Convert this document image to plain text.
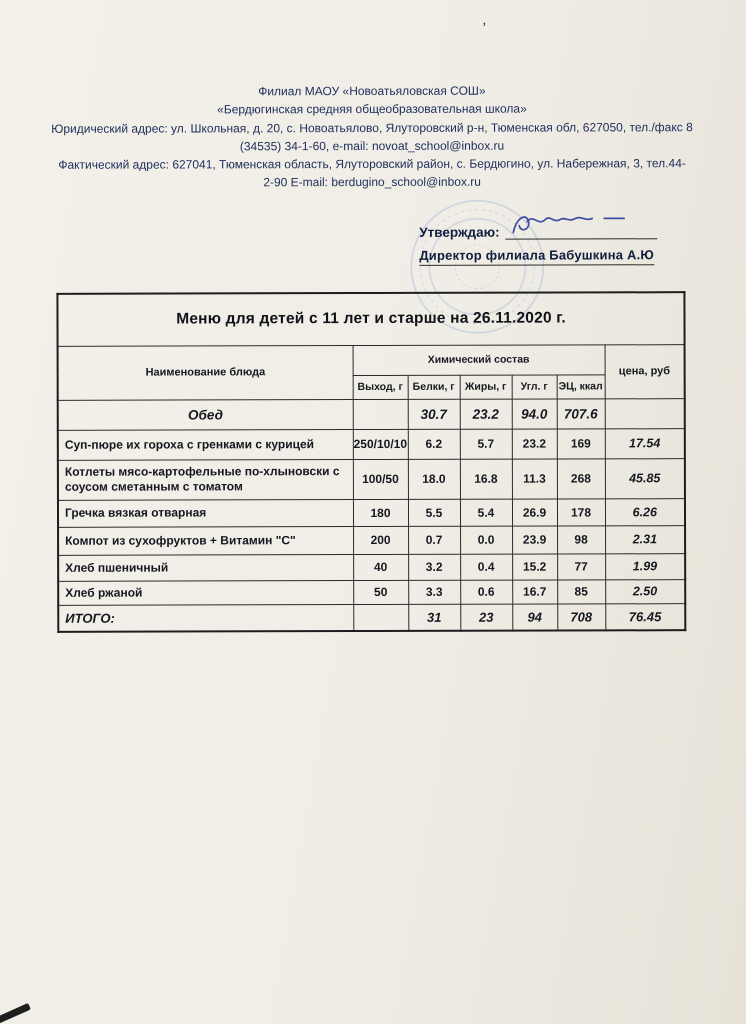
’

Филиал МАОУ «Новоатьяловская СОШ»

«Бердюгинская средняя общеобразовательная школа»

Юридический адрес: ул. Школьная, д. 20, с. Новоатьялово, Ялуторовский р-н, Тюменская обл, 627050, тел./факс 8 (34535) 34-1-60, e-mail: novoat_school@inbox.ru

Фактический адрес: 627041, Тюменская область, Ялуторовский район, с. Бердюгино, ул. Набережная, 3, тел.44-2-90 E-mail: berdugino_school@inbox.ru

Утверждаю:
Директор филиала Бабушкина А.Ю
Меню для детей с 11 лет и старше на 26.11.2020 г.						
Наименование блюда	Химический состав					цена, руб
	Выход, г	Белки, г	Жиры, г	Угл. г	ЭЦ, ккал	
Обед		30.7	23.2	94.0	707.6	
Суп-пюре их гороха с гренками с курицей	250/10/10	6.2	5.7	23.2	169	17.54
Котлеты мясо-картофельные по-хлыновски с соусом сметанным с томатом	100/50	18.0	16.8	11.3	268	45.85
Гречка вязкая отварная	180	5.5	5.4	26.9	178	6.26
Компот из сухофруктов + Витамин "С"	200	0.7	0.0	23.9	98	2.31
Хлеб пшеничный	40	3.2	0.4	15.2	77	1.99
Хлеб ржаной	50	3.3	0.6	16.7	85	2.50
ИТОГО:		31	23	94	708	76.45
